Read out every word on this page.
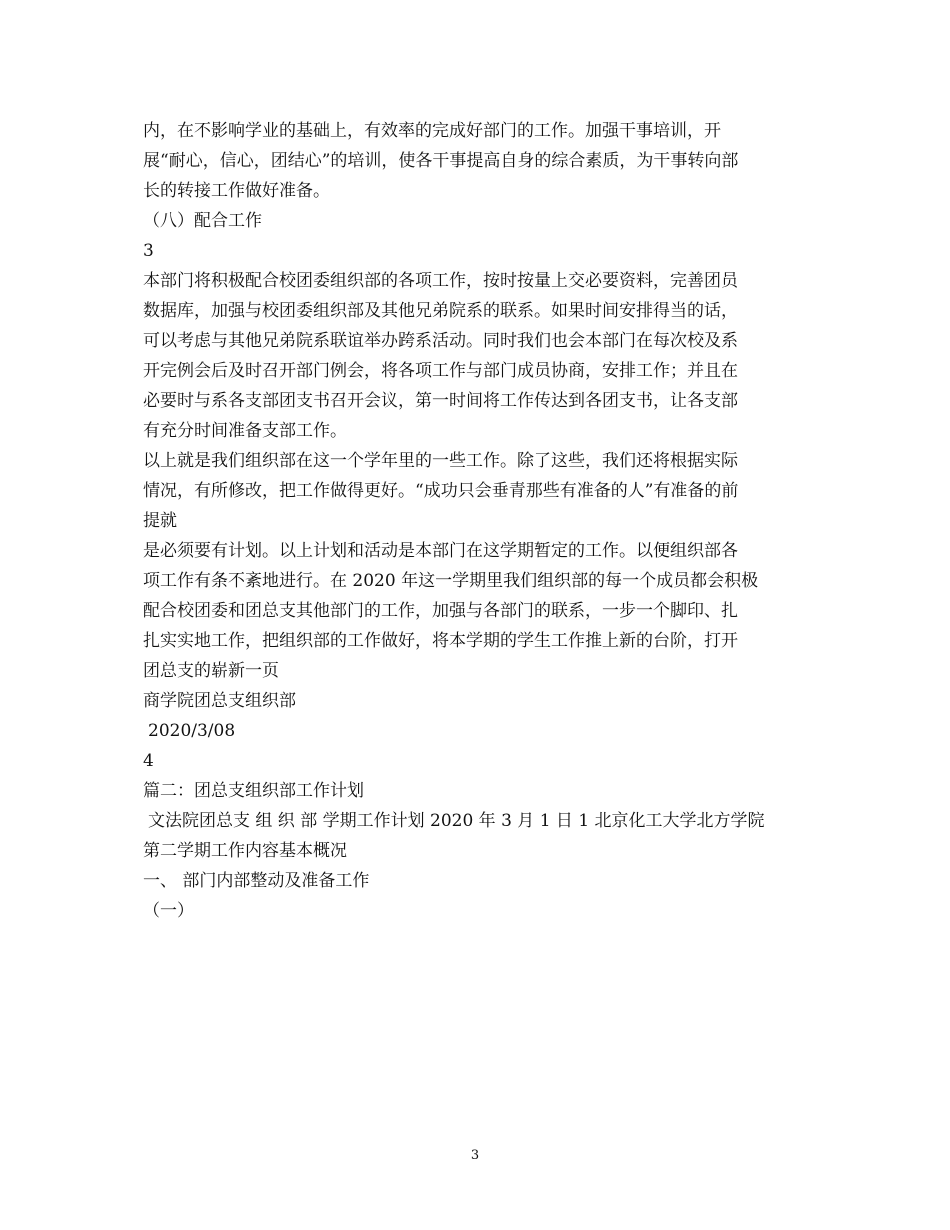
内，在不影响学业的基础上，有效率的完成好部门的工作。加强干事培训，开
展“耐心，信心，团结心”的培训，使各干事提高自身的综合素质，为干事转向部
长的转接工作做好准备。
（八）配合工作
3
本部门将积极配合校团委组织部的各项工作，按时按量上交必要资料，完善团员
数据库，加强与校团委组织部及其他兄弟院系的联系。如果时间安排得当的话，
可以考虑与其他兄弟院系联谊举办跨系活动。同时我们也会本部门在每次校及系
开完例会后及时召开部门例会，将各项工作与部门成员协商，安排工作；并且在
必要时与系各支部团支书召开会议，第一时间将工作传达到各团支书，让各支部
有充分时间准备支部工作。
以上就是我们组织部在这一个学年里的一些工作。除了这些，我们还将根据实际
情况，有所修改，把工作做得更好。“成功只会垂青那些有准备的人”有准备的前
提就
是必须要有计划。以上计划和活动是本部门在这学期暂定的工作。以便组织部各
项工作有条不紊地进行。在 2020 年这一学期里我们组织部的每一个成员都会积极
配合校团委和团总支其他部门的工作，加强与各部门的联系，一步一个脚印、扎
扎实实地工作，把组织部的工作做好，将本学期的学生工作推上新的台阶，打开
团总支的崭新一页
商学院团总支组织部
2020/3/08
4
篇二：团总支组织部工作计划
文法院团总支 组 织 部 学期工作计划 2020 年 3 月 1 日 1 北京化工大学北方学院
第二学期工作内容基本概况
一、 部门内部整动及准备工作
（一）
3
